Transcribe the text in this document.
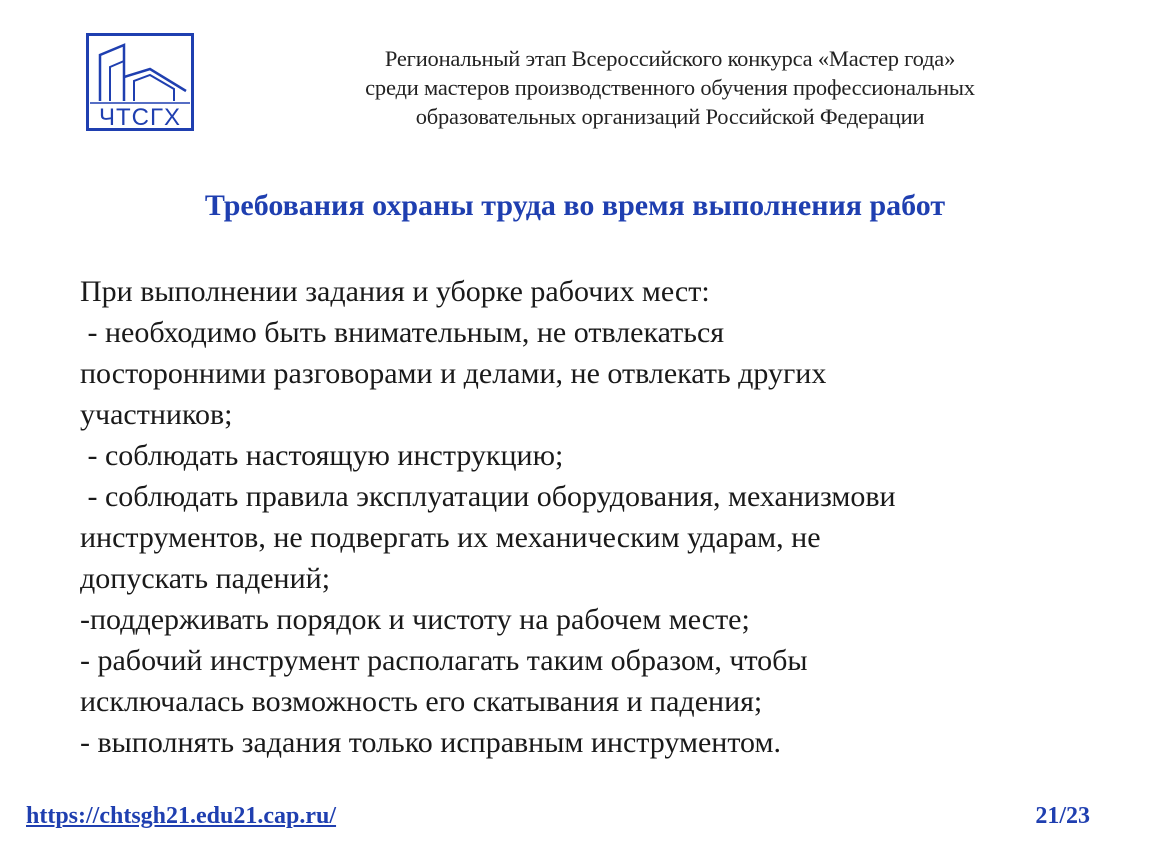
ЧТСГХ
Региональный этап Всероссийского конкурса «Мастер года»
среди мастеров производственного обучения профессиональных
образовательных организаций Российской Федерации
Требования охраны труда во время выполнения работ
При выполнении задания и уборке рабочих мест:
- необходимо быть внимательным, не отвлекаться
посторонними разговорами и делами, не отвлекать других
участников;
- соблюдать настоящую инструкцию;
- соблюдать правила эксплуатации оборудования, механизмови
инструментов, не подвергать их механическим ударам, не
допускать падений;
-поддерживать порядок и чистоту на рабочем месте;
- рабочий инструмент располагать таким образом, чтобы
исключалась возможность его скатывания и падения;
- выполнять задания только исправным инструментом.
https://chtsgh21.edu21.cap.ru/	21/23
